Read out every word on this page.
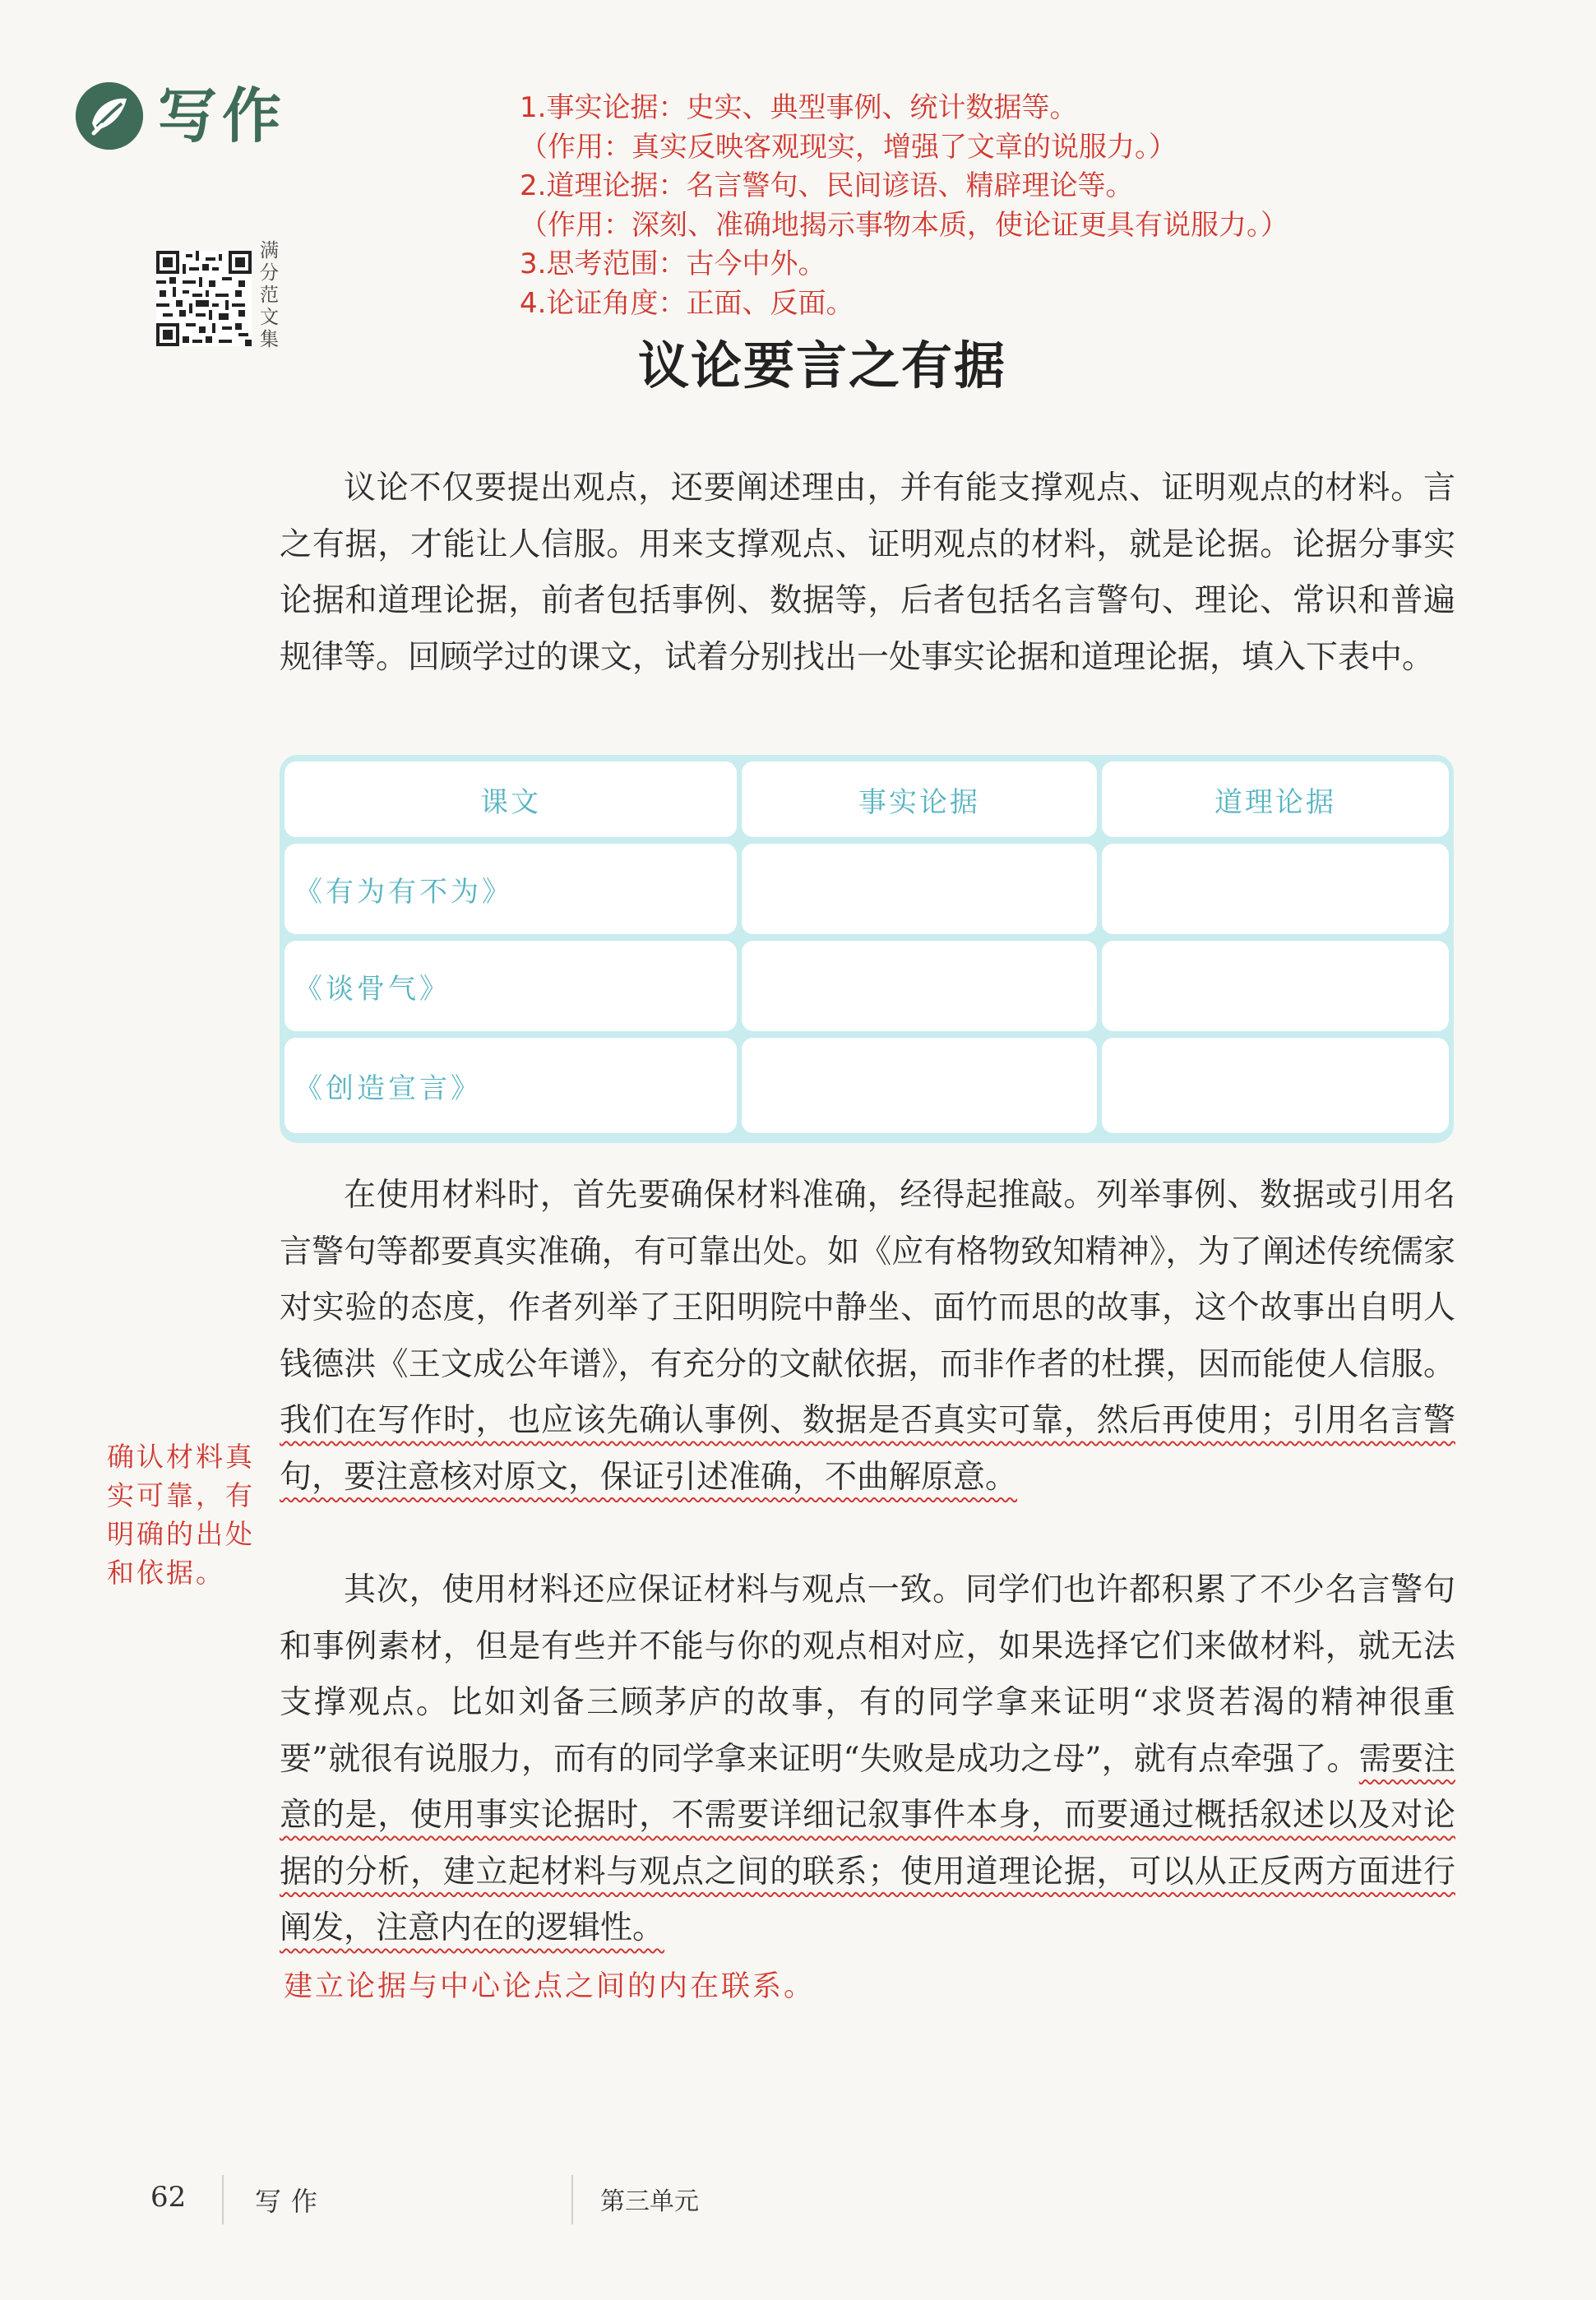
写作
满分范文集
1.事实论据：史实、典型事例、统计数据等。
（作用：真实反映客观现实，增强了文章的说服力。）
2.道理论据：名言警句、民间谚语、精辟理论等。
（作用：深刻、准确地揭示事物本质，使论证更具有说服力。）
3.思考范围：古今中外。
4.论证角度：正面、反面。
议论要言之有据
议论不仅要提出观点，还要阐述理由，并有能支撑观点、证明观点的材料。言之有据，才能让人信服。用来支撑观点、证明观点的材料，就是论据。论据分事实论据和道理论据，前者包括事例、数据等，后者包括名言警句、理论、常识和普遍规律等。回顾学过的课文，试着分别找出一处事实论据和道理论据，填入下表中。
课文	事实论据	道理论据
《有为有不为》
《谈骨气》
《创造宣言》
在使用材料时，首先要确保材料准确，经得起推敲。列举事例、数据或引用名言警句等都要真实准确，有可靠出处。如《应有格物致知精神》，为了阐述传统儒家对实验的态度，作者列举了王阳明院中静坐、面竹而思的故事，这个故事出自明人钱德洪《王文成公年谱》，有充分的文献依据，而非作者的杜撰，因而能使人信服。我们在写作时，也应该先确认事例、数据是否真实可靠，然后再使用；引用名言警句，要注意核对原文，保证引述准确，不曲解原意。
确认材料真实可靠，有明确的出处和依据。	其次，使用材料还应保证材料与观点一致。同学们也许都积累了不少名言警句和事例素材，但是有些并不能与你的观点相对应，如果选择它们来做材料，就无法支撑观点。比如刘备三顾茅庐的故事，有的同学拿来证明“求贤若渴的精神很重要”就很有说服力，而有的同学拿来证明“失败是成功之母”，就有点牵强了。需要注意的是，使用事实论据时，不需要详细记叙事件本身，而要通过概括叙述以及对论据的分析，建立起材料与观点之间的联系；使用道理论据，可以从正反两方面进行阐发，注意内在的逻辑性。
建立论据与中心论点之间的内在联系。
62	写作	第三单元
